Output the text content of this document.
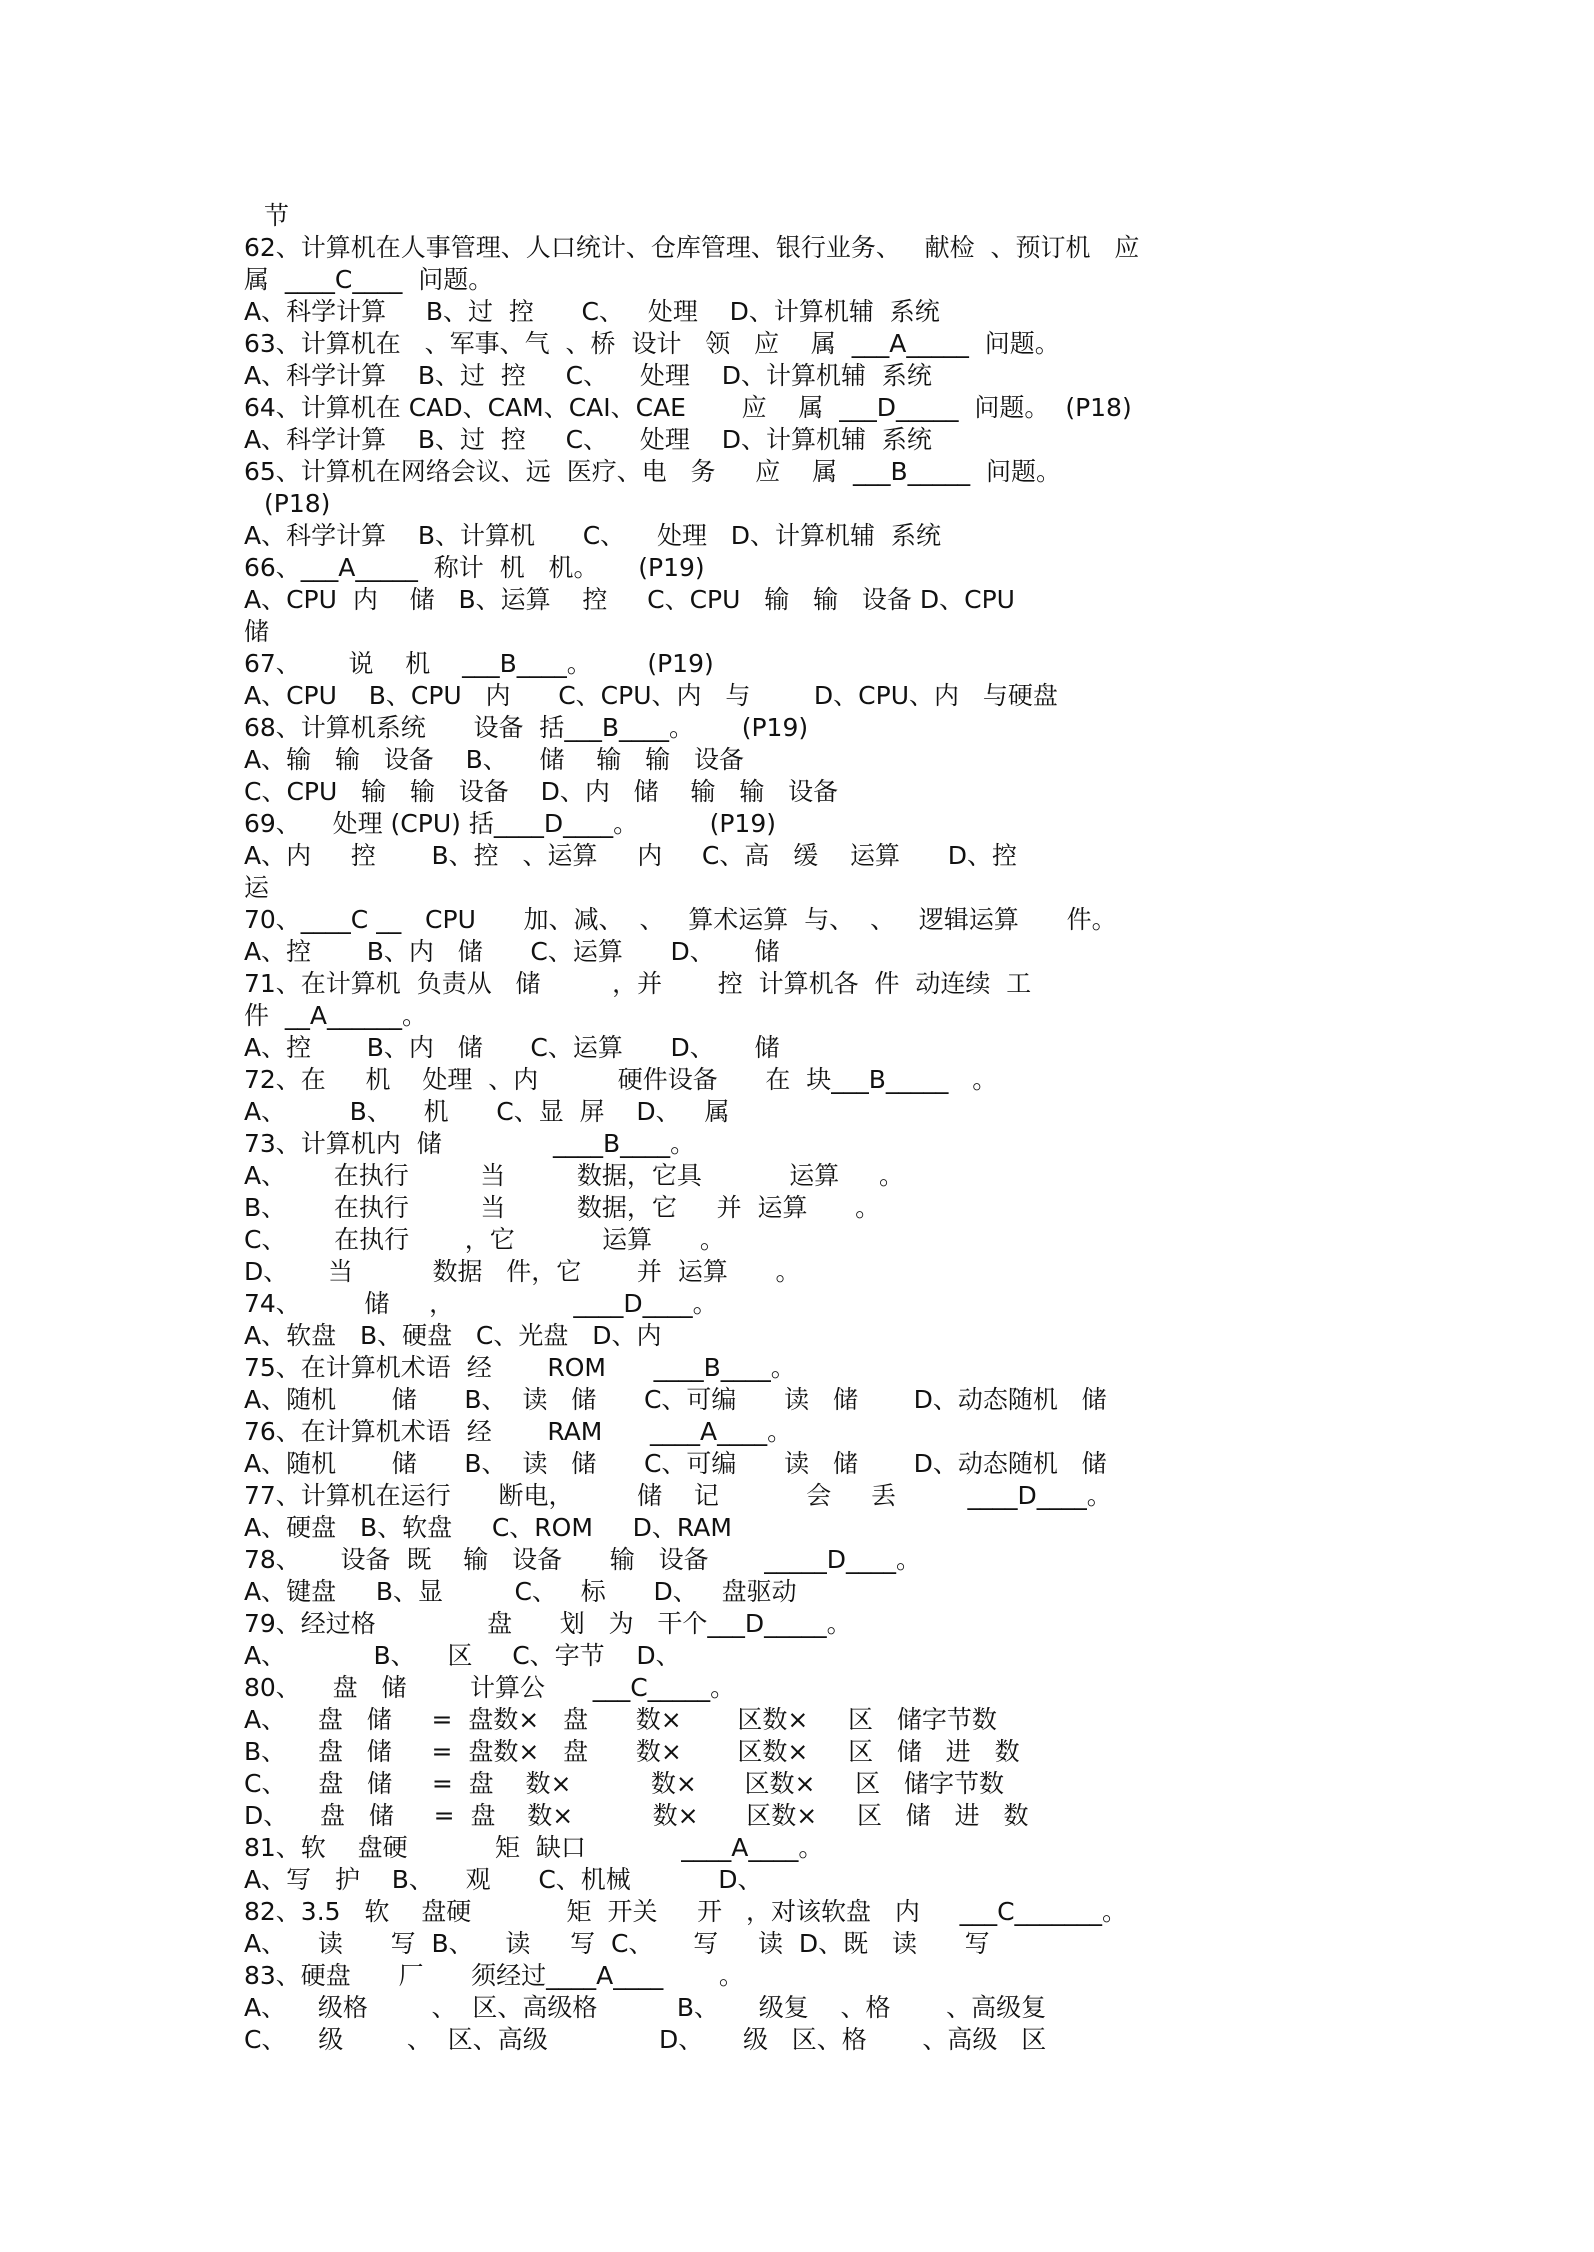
节
62、计算机在人事管理、人口统计、仓库管理、银行业务、   献检  、预订机   应
属  ____C____  问题。
A、科学计算     B、过  控      C、   处理    D、计算机辅  系统
63、计算机在   、军事、气  、桥  设计   领   应    属  ___A_____  问题。
A、科学计算    B、过  控     C、    处理    D、计算机辅  系统
64、计算机在 CAD、CAM、CAI、CAE       应    属  ___D_____  问题。  (P18)
A、科学计算    B、过  控     C、    处理    D、计算机辅  系统
65、计算机在网络会议、远  医疗、电   务     应    属  ___B_____  问题。
(P18)
A、科学计算    B、计算机      C、    处理   D、计算机辅  系统
66、___A_____  称计  机   机。     (P19)
A、CPU  内    储   B、运算    控     C、CPU   输   输   设备 D、CPU
储
67、      说    机    ___B____。       (P19)
A、CPU    B、CPU   内      C、CPU、内   与        D、CPU、内   与硬盘
68、计算机系统      设备  括___B____。      (P19)
A、输   输   设备    B、    储    输   输   设备
C、CPU   输   输   设备    D、内   储    输   输   设备
69、    处理 (CPU) 括____D____。         (P19)
A、内     控       B、控   、运算     内     C、高   缓    运算      D、控
运
70、____C __   CPU      加、减、  、   算术运算  与、  、   逻辑运算      件。
A、控       B、内   储      C、运算      D、     储
71、在计算机  负责从   储         ，并       控  计算机各  件  动连续  工
件  __A______。
A、控       B、内   储      C、运算      D、     储
72、在     机    处理  、内          硬件设备      在  块___B_____   。
A、        B、    机      C、显  屏    D、   属
73、计算机内  储              ____B____。
A、      在执行         当         数据，它具           运算     。
B、      在执行         当         数据，它     并  运算      。
C、      在执行       ，它           运算      。
D、     当          数据   件，它       并  运算      。
74、        储     ，               ____D____。
A、软盘   B、硬盘   C、光盘   D、内
75、在计算机术语  经       ROM      ____B____。
A、随机       储      B、  读   储      C、可编      读   储       D、动态随机   储
76、在计算机术语  经       RAM      ____A____。
A、随机       储      B、  读   储      C、可编      读   储       D、动态随机   储
77、计算机在运行      断电，        储    记           会     丢         ____D____。
A、硬盘   B、软盘     C、ROM     D、RAM
78、     设备  既    输   设备      输   设备       _____D____。
A、键盘     B、显         C、   标      D、   盘驱动
79、经过格              盘      划   为   干个___D_____。
A、           B、    区     C、字节    D、
80、    盘   储        计算公      ___C_____。
A、    盘   储     =  盘数×   盘      数×       区数×     区   储字节数
B、    盘   储     =  盘数×   盘      数×       区数×     区   储   进   数
C、    盘   储     =  盘    数×          数×      区数×     区   储字节数
D、    盘   储     =  盘    数×          数×      区数×     区   储   进   数
81、软    盘硬           矩  缺口            ____A____。
A、写   护    B、    观      C、机械           D、
82、3.5   软    盘硬            矩  开关     开   ，对该软盘   内     ___C_______。
A、    读      写  B、    读     写  C、     写     读  D、既   读      写
83、硬盘      厂      须经过____A____       。
A、    级格        、  区、高级格          B、     级复    、格       、高级复
C、    级        、  区、高级              D、     级   区、格       、高级   区
